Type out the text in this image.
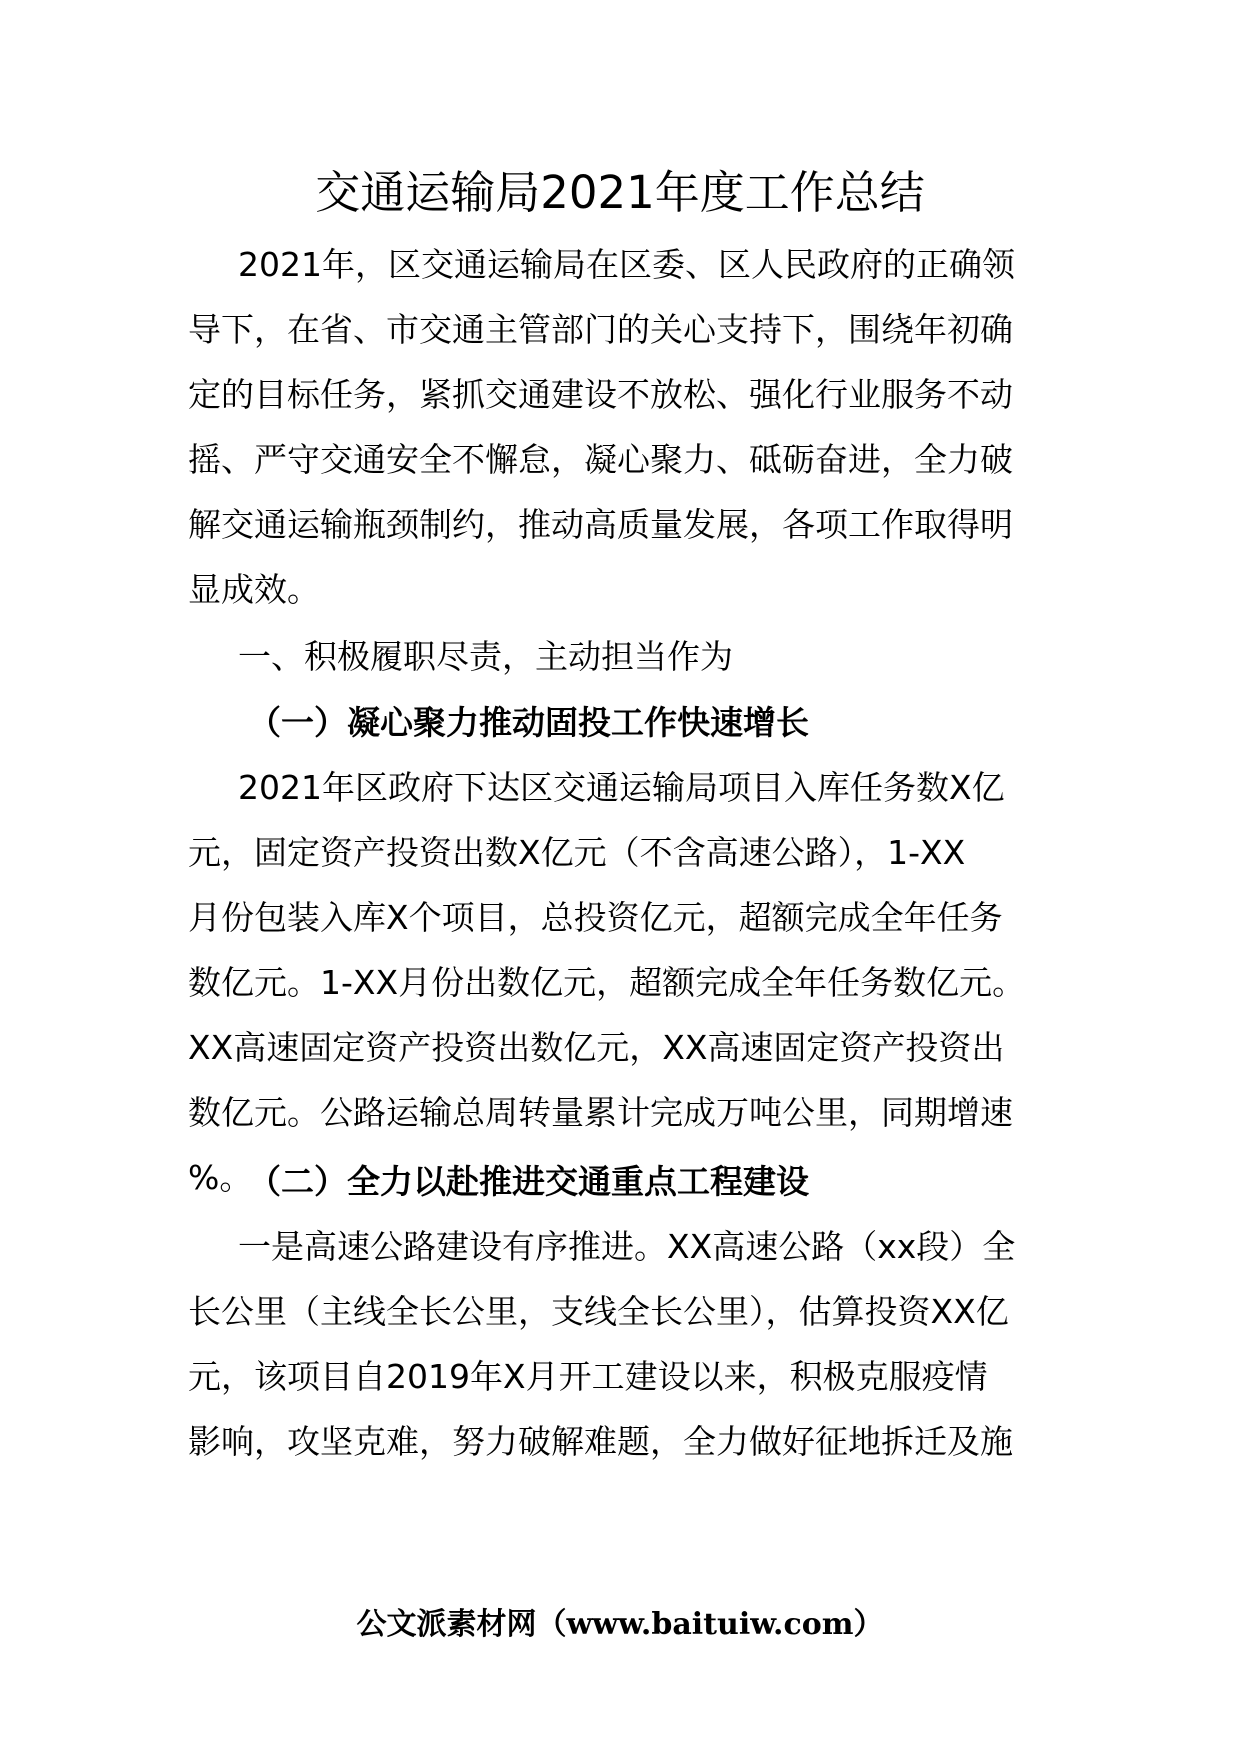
交通运输局2021年度工作总结

2021年，区交通运输局在区委、区人民政府的正确领
导下，在省、市交通主管部门的关心支持下，围绕年初确
定的目标任务，紧抓交通建设不放松、强化行业服务不动
摇、严守交通安全不懈怠，凝心聚力、砥砺奋进，全力破
解交通运输瓶颈制约，推动高质量发展，各项工作取得明
显成效。

一、积极履职尽责，主动担当作为
（一）凝心聚力推动固投工作快速增长

2021年区政府下达区交通运输局项目入库任务数X亿
元，固定资产投资出数X亿元（不含高速公路），1-XX
月份包装入库X个项目，总投资亿元，超额完成全年任务
数亿元。1-XX月份出数亿元，超额完成全年任务数亿元。
XX高速固定资产投资出数亿元，XX高速固定资产投资出
数亿元。公路运输总周转量累计完成万吨公里，同期增速
%。

（二）全力以赴推进交通重点工程建设

一是高速公路建设有序推进。XX高速公路（xx段）全
长公里（主线全长公里，支线全长公里），估算投资XX亿
元，该项目自2019年X月开工建设以来，积极克服疫情
影响，攻坚克难，努力破解难题，全力做好征地拆迁及施

公文派素材网（www.baituiw.com）
